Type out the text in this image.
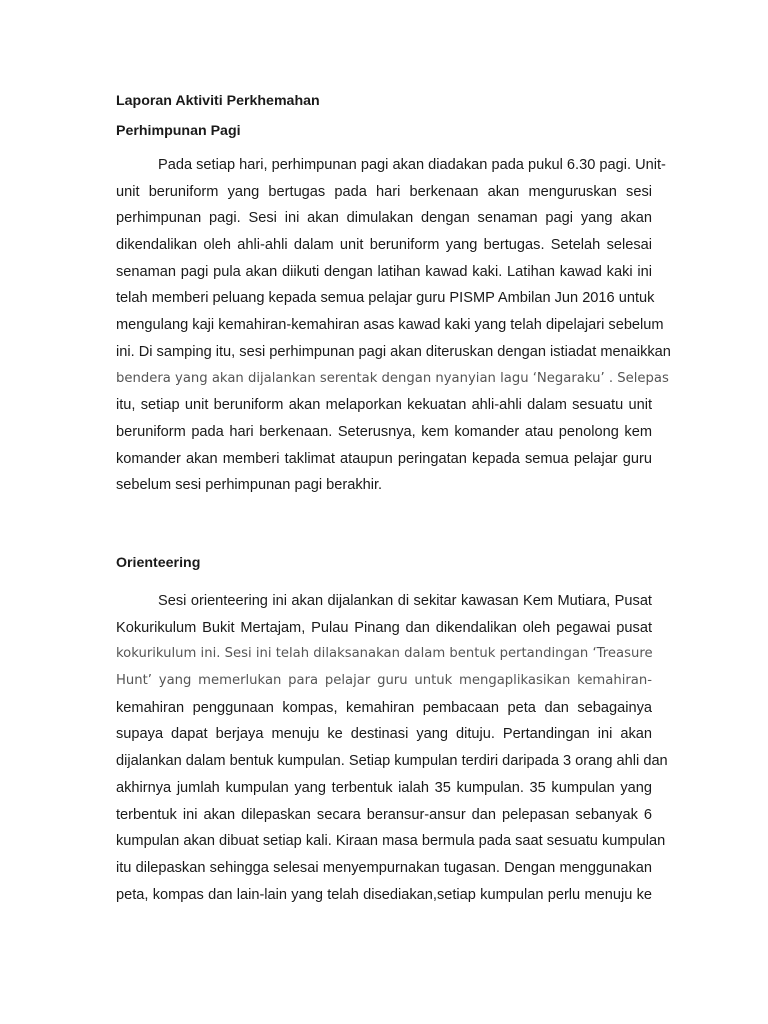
Laporan Aktiviti Perkhemahan
Perhimpunan Pagi
Pada setiap hari, perhimpunan pagi akan diadakan pada pukul 6.30 pagi. Unit-
unit beruniform yang bertugas pada hari berkenaan akan menguruskan sesi
perhimpunan pagi. Sesi ini akan dimulakan dengan senaman pagi yang akan
dikendalikan oleh ahli-ahli dalam unit beruniform yang bertugas. Setelah selesai
senaman pagi pula akan diikuti dengan latihan kawad kaki. Latihan kawad kaki ini
telah memberi peluang kepada semua pelajar guru PISMP Ambilan Jun 2016 untuk
mengulang kaji kemahiran-kemahiran asas kawad kaki yang telah dipelajari sebelum
ini. Di samping itu, sesi perhimpunan pagi akan diteruskan dengan istiadat menaikkan
bendera yang akan dijalankan serentak dengan nyanyian lagu ‘Negaraku’ . Selepas
itu, setiap unit beruniform akan melaporkan kekuatan ahli-ahli dalam sesuatu unit
beruniform pada hari berkenaan. Seterusnya, kem komander atau penolong kem
komander akan memberi taklimat ataupun peringatan kepada semua pelajar guru
sebelum sesi perhimpunan pagi berakhir.
Orienteering
Sesi orienteering ini akan dijalankan di sekitar kawasan Kem Mutiara, Pusat
Kokurikulum Bukit Mertajam, Pulau Pinang dan dikendalikan oleh pegawai pusat
kokurikulum ini. Sesi ini telah dilaksanakan dalam bentuk pertandingan ‘Treasure
Hunt’ yang memerlukan para pelajar guru untuk mengaplikasikan kemahiran-
kemahiran penggunaan kompas, kemahiran pembacaan peta dan sebagainya
supaya dapat berjaya menuju ke destinasi yang dituju. Pertandingan ini akan
dijalankan dalam bentuk kumpulan. Setiap kumpulan terdiri daripada 3 orang ahli dan
akhirnya jumlah kumpulan yang terbentuk ialah 35 kumpulan. 35 kumpulan yang
terbentuk ini akan dilepaskan secara beransur-ansur dan pelepasan sebanyak 6
kumpulan akan dibuat setiap kali. Kiraan masa bermula pada saat sesuatu kumpulan
itu dilepaskan sehingga selesai menyempurnakan tugasan. Dengan menggunakan
peta, kompas dan lain-lain yang telah disediakan,setiap kumpulan perlu menuju ke
